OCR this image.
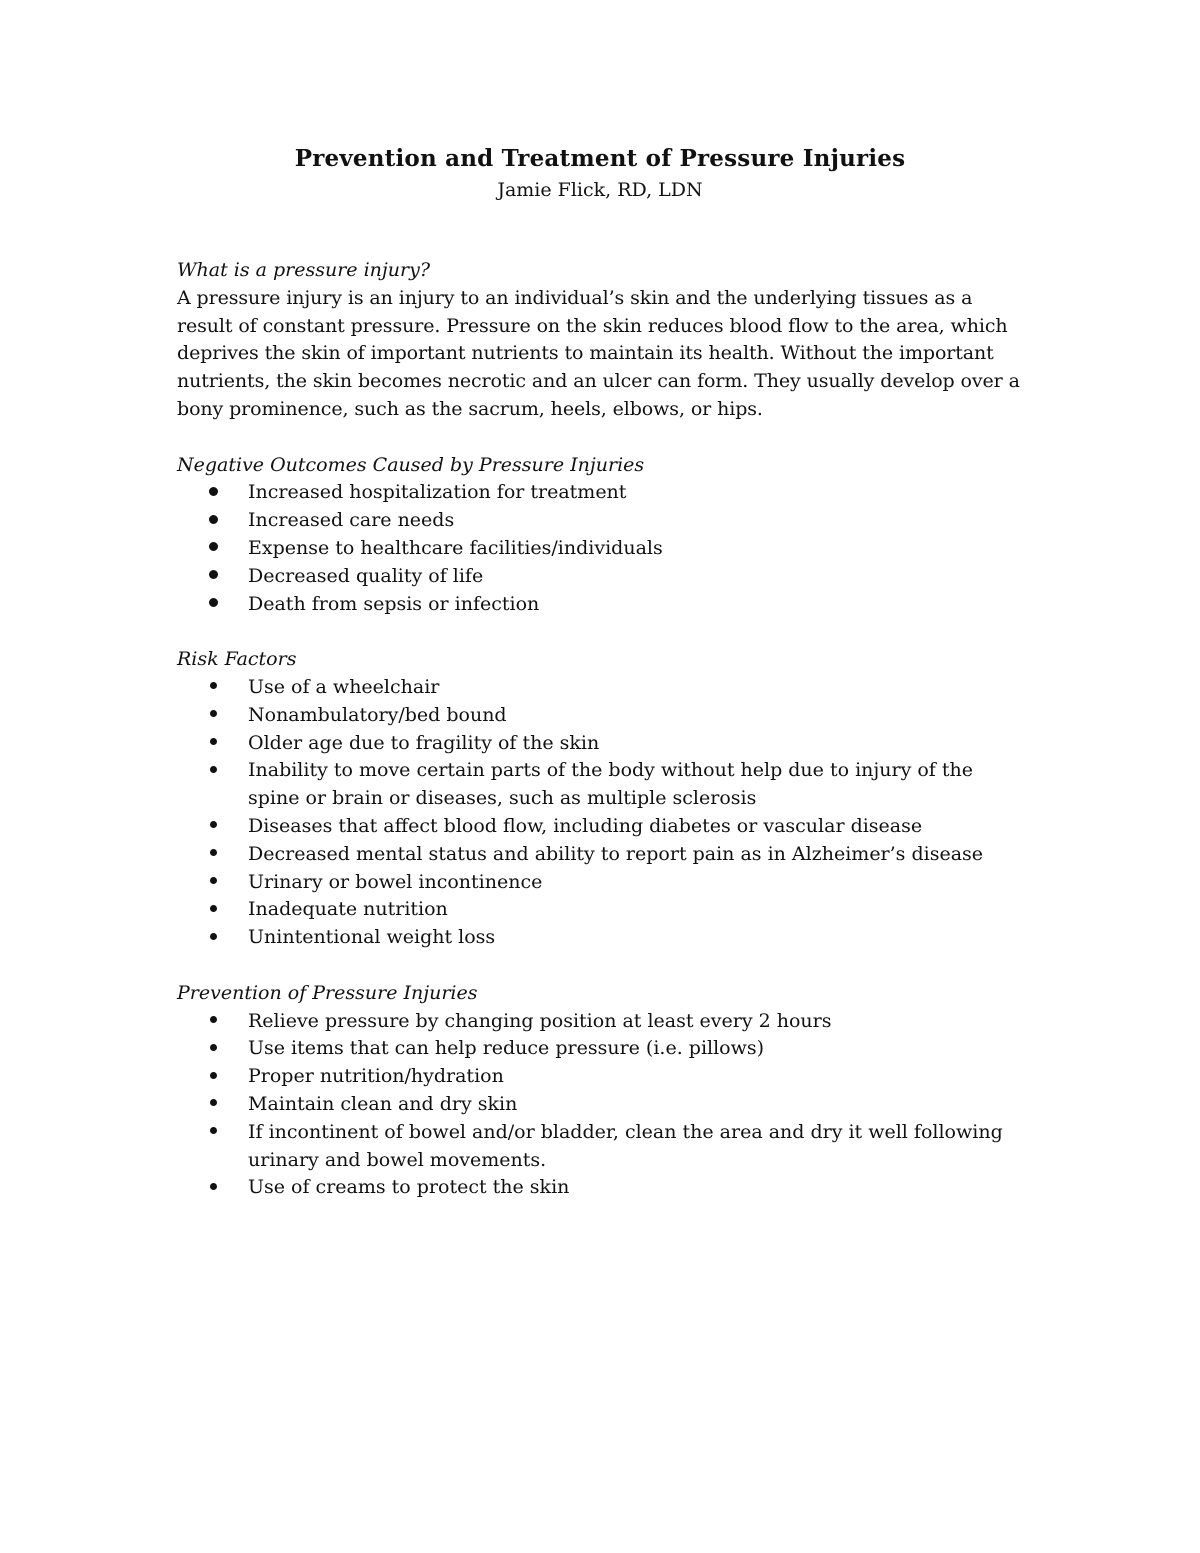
Prevention and Treatment of Pressure Injuries
Jamie Flick, RD, LDN
What is a pressure injury?

A pressure injury is an injury to an individual’s skin and the underlying tissues as a result of constant pressure. Pressure on the skin reduces blood flow to the area, which deprives the skin of important nutrients to maintain its health. Without the important nutrients, the skin becomes necrotic and an ulcer can form. They usually develop over a bony prominence, such as the sacrum, heels, elbows, or hips.

Negative Outcomes Caused by Pressure Injuries
Increased hospitalization for treatment
Increased care needs
Expense to healthcare facilities/individuals
Decreased quality of life
Death from sepsis or infection
Risk Factors
Use of a wheelchair
Nonambulatory/bed bound
Older age due to fragility of the skin
Inability to move certain parts of the body without help due to injury of the spine or brain or diseases, such as multiple sclerosis
Diseases that affect blood flow, including diabetes or vascular disease
Decreased mental status and ability to report pain as in Alzheimer’s disease
Urinary or bowel incontinence
Inadequate nutrition
Unintentional weight loss
Prevention of Pressure Injuries
Relieve pressure by changing position at least every 2 hours
Use items that can help reduce pressure (i.e. pillows)
Proper nutrition/hydration
Maintain clean and dry skin
If incontinent of bowel and/or bladder, clean the area and dry it well following urinary and bowel movements.
Use of creams to protect the skin
